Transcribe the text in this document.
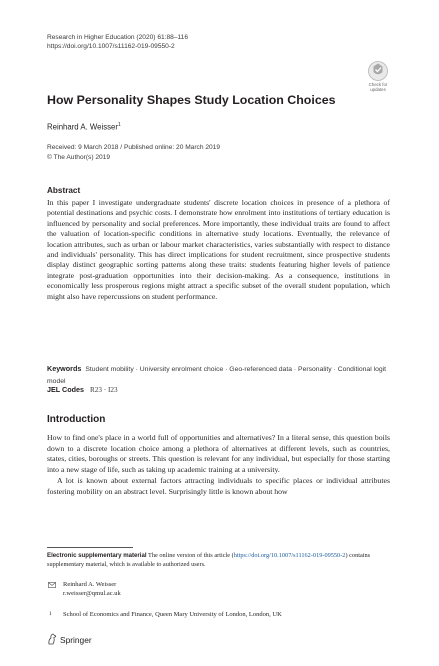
Research in Higher Education (2020) 61:88–116
https://doi.org/10.1007/s11162-019-09550-2
Check for
updates
How Personality Shapes Study Location Choices
Reinhard A. Weisser$^1$
Received: 9 March 2018 / Published online: 20 March 2019
© The Author(s) 2019
Abstract

In this paper I investigate undergraduate students' discrete location choices in presence of a plethora of potential destinations and psychic costs. I demonstrate how enrolment into institutions of tertiary education is influenced by personality and social preferences. More importantly, these individual traits are found to affect the valuation of location-specific conditions in alternative study locations. Eventually, the relevance of location attributes, such as urban or labour market characteristics, varies substantially with respect to distance and individuals' personality. This has direct implications for student recruitment, since prospective students display distinct geographic sorting patterns along these traits: students featuring higher levels of patience integrate post-graduation opportunities into their decision-making. As a consequence, institutions in economically less prosperous regions might attract a specific subset of the overall student population, which might also have repercussions on student performance.

Keywords Student mobility · University enrolment choice · Geo-referenced data · Personality · Conditional logit model
JEL Codes R23 · I23
Introduction

How to find one's place in a world full of opportunities and alternatives? In a literal sense, this question boils down to a discrete location choice among a plethora of alternatives at different levels, such as countries, states, cities, boroughs or streets. This question is relevant for any individual, but especially for those starting into a new stage of life, such as taking up academic training at a university.

A lot is known about external factors attracting individuals to specific places or individual attributes fostering mobility on an abstract level. Surprisingly little is known about how

Electronic supplementary material The online version of this article (https://doi.org/10.1007/s11162-019-09550-2) contains supplementary material, which is available to authorized users.
Reinhard A. Weisser
r.weisser@qmul.ac.uk
1 School of Economics and Finance, Queen Mary University of London, London, UK
Springer
